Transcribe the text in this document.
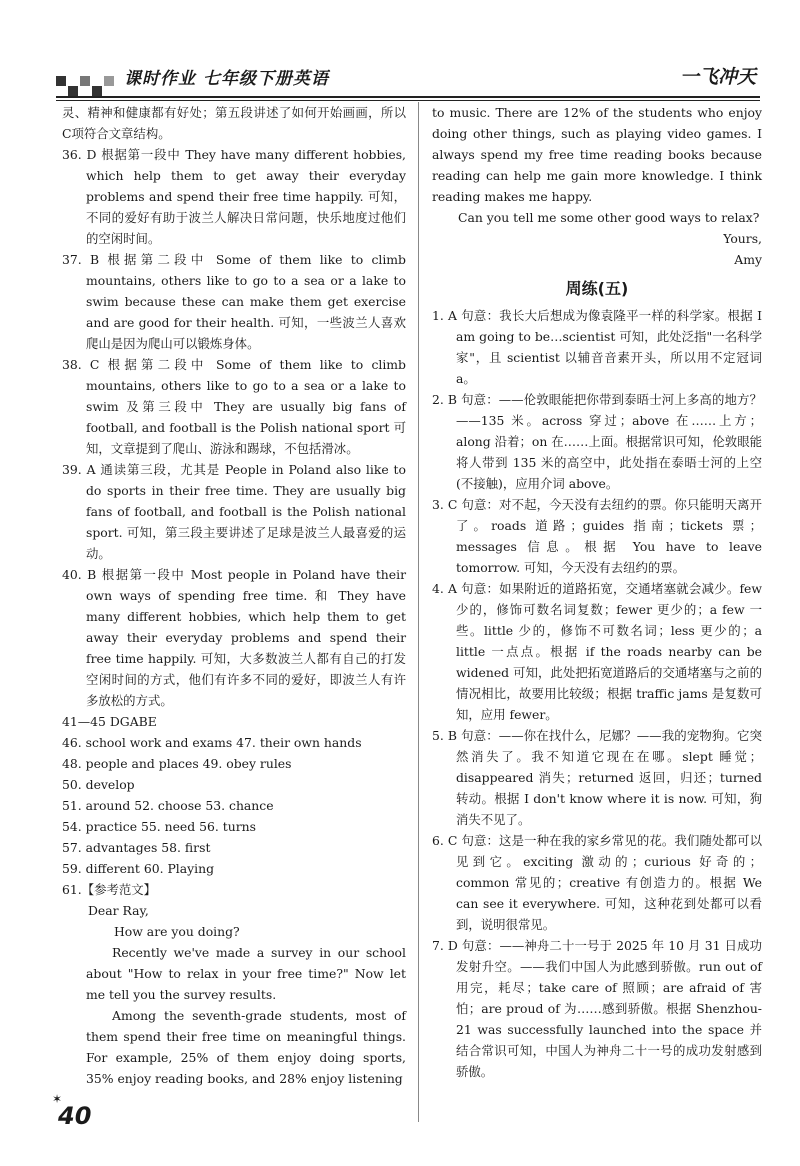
课时作业 七年级下册英语	一飞冲天
灵、精神和健康都有好处；第五段讲述了如何开始画画，所以C项符合文章结构。
36. D 根据第一段中 They have many different hobbies, which help them to get away their everyday problems and spend their free time happily. 可知，不同的爱好有助于波兰人解决日常问题，快乐地度过他们的空闲时间。
37. B 根据第二段中 Some of them like to climb mountains, others like to go to a sea or a lake to swim because these can make them get exercise and are good for their health. 可知，一些波兰人喜欢爬山是因为爬山可以锻炼身体。
38. C 根据第二段中 Some of them like to climb mountains, others like to go to a sea or a lake to swim 及第三段中 They are usually big fans of football, and football is the Polish national sport 可知，文章提到了爬山、游泳和踢球，不包括滑冰。
39. A 通读第三段，尤其是 People in Poland also like to do sports in their free time. They are usually big fans of football, and football is the Polish national sport. 可知，第三段主要讲述了足球是波兰人最喜爱的运动。
40. B 根据第一段中 Most people in Poland have their own ways of spending free time. 和 They have many different hobbies, which help them to get away their everyday problems and spend their free time happily. 可知，大多数波兰人都有自己的打发空闲时间的方式，他们有许多不同的爱好，即波兰人有许多放松的方式。
41—45 DGABE
46. school work and exams 47. their own hands
48. people and places 49. obey rules
50. develop
51. around 52. choose 53. chance
54. practice 55. need 56. turns
57. advantages 58. first
59. different 60. Playing
61.【参考范文】
Dear Ray,
How are you doing?
Recently we've made a survey in our school about "How to relax in your free time?" Now let me tell you the survey results.
Among the seventh-grade students, most of them spend their free time on meaningful things. For example, 25% of them enjoy doing sports, 35% enjoy reading books, and 28% enjoy listening
to music. There are 12% of the students who enjoy doing other things, such as playing video games. I always spend my free time reading books because reading can help me gain more knowledge. I think reading makes me happy.
Can you tell me some other good ways to relax?
Yours,
Amy
周练(五)
1. A 句意：我长大后想成为像袁隆平一样的科学家。根据 I am going to be…scientist 可知，此处泛指"一名科学家"，且 scientist 以辅音音素开头，所以用不定冠词 a。
2. B 句意：——伦敦眼能把你带到泰晤士河上多高的地方？——135 米。across 穿过；above 在……上方；along 沿着；on 在……上面。根据常识可知，伦敦眼能将人带到 135 米的高空中，此处指在泰晤士河的上空(不接触)，应用介词 above。
3. C 句意：对不起，今天没有去纽约的票。你只能明天离开了。roads 道路；guides 指南；tickets 票；messages 信息。根据 You have to leave tomorrow. 可知，今天没有去纽约的票。
4. A 句意：如果附近的道路拓宽，交通堵塞就会减少。few 少的，修饰可数名词复数；fewer 更少的；a few 一些。little 少的，修饰不可数名词；less 更少的；a little 一点点。根据 if the roads nearby can be widened 可知，此处把拓宽道路后的交通堵塞与之前的情况相比，故要用比较级；根据 traffic jams 是复数可知，应用 fewer。
5. B 句意：——你在找什么，尼娜？——我的宠物狗。它突然消失了。我不知道它现在在哪。slept 睡觉；disappeared 消失；returned 返回，归还；turned 转动。根据 I don't know where it is now. 可知，狗消失不见了。
6. C 句意：这是一种在我的家乡常见的花。我们随处都可以见到它。exciting 激动的；curious 好奇的；common 常见的；creative 有创造力的。根据 We can see it everywhere. 可知，这种花到处都可以看到，说明很常见。
7. D 句意：——神舟二十一号于 2025 年 10 月 31 日成功发射升空。——我们中国人为此感到骄傲。run out of 用完，耗尽；take care of 照顾；are afraid of 害怕；are proud of 为……感到骄傲。根据 Shenzhou-21 was successfully launched into the space 并结合常识可知，中国人为神舟二十一号的成功发射感到骄傲。
✶
40
